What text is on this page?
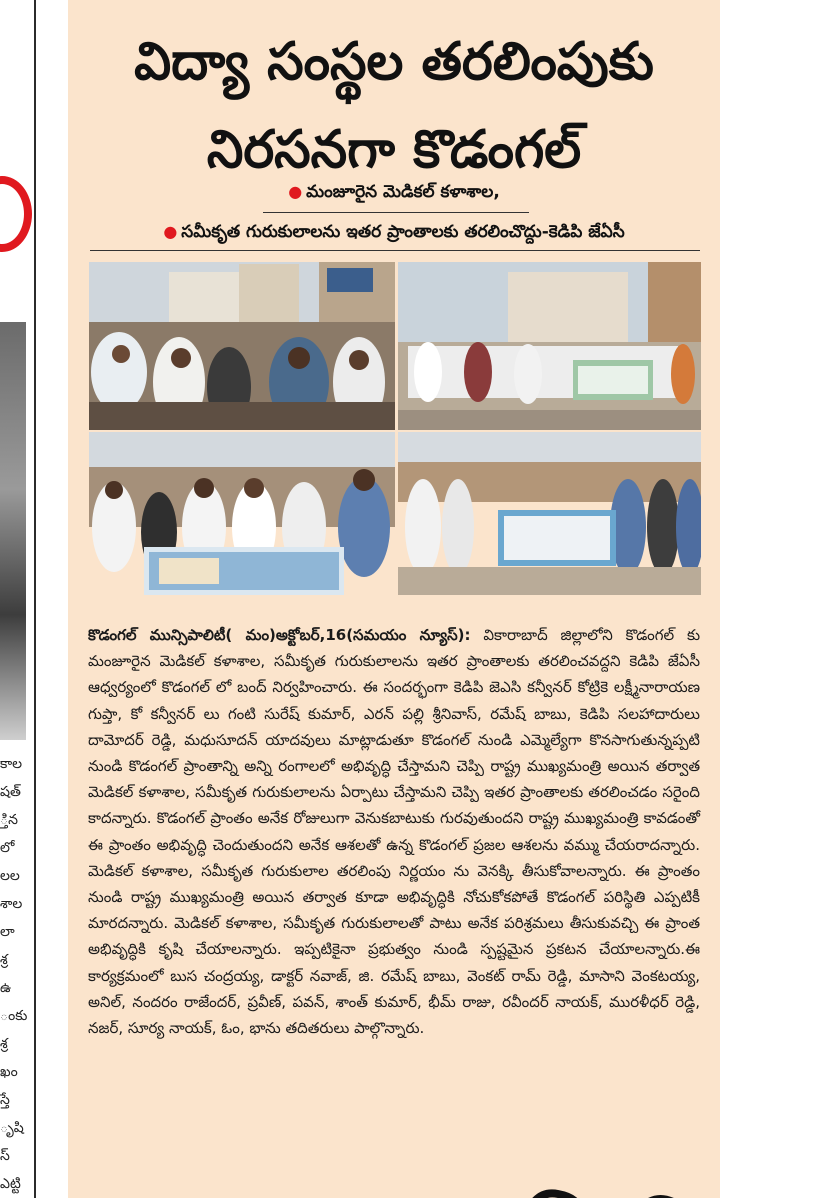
కాల
షత్
్తిన
లో
లల
శాల
లా
శ్ర
ఉ
ంకు
శ్ర
ఖం
స్తే
ృషి
స్
ఎట్టి
విద్యా సంస్థల తరలింపుకు
నిరసనగా కొడంగల్
● మంజూరైన మెడికల్ కళాశాల,
● సమీకృత గురుకులాలను ఇతర ప్రాంతాలకు తరలించొద్దు-కెడిపి జేఏసీ

కొడంగల్ మున్సిపాలిటీ( మం)అక్టోబర్,16(సమయం న్యూస్): వికారాబాద్ జిల్లాలోని కొడంగల్ కు మంజూరైన మెడికల్ కళాశాల, సమీకృత గురుకులాలను ఇతర ప్రాంతాలకు తరలించవద్దని కెడిపి జేఏసీ ఆధ్వర్యంలో కొడంగల్ లో బంద్ నిర్వహించారు. ఈ సందర్భంగా కెడిపి జెఎసి కన్వీనర్ కోట్రికె లక్ష్మీనారాయణ గుప్తా, కో కన్వీనర్ లు గంటి సురేష్ కుమార్, ఎరన్ పల్లి శ్రీనివాస్, రమేష్ బాబు, కెడిపి సలహాదారులు దామోదర్ రెడ్డి, మధుసూదన్ యాదవులు మాట్లాడుతూ కొడంగల్ నుండి ఎమ్మెల్యేగా కొనసాగుతున్నప్పటి నుండి కొడంగల్ ప్రాంతాన్ని అన్ని రంగాలలో అభివృద్ధి చేస్తామని చెప్పి రాష్ట్ర ముఖ్యమంత్రి అయిన తర్వాత మెడికల్ కళాశాల, సమీకృత గురుకులాలను ఏర్పాటు చేస్తామని చెప్పి ఇతర ప్రాంతాలకు తరలించడం సరైంది కాదన్నారు. కొడంగల్ ప్రాంతం అనేక రోజులుగా వెనుకబాటుకు గురవుతుందని రాష్ట్ర ముఖ్యమంత్రి కావడంతో ఈ ప్రాంతం అభివృద్ధి చెందుతుందని అనేక ఆశలతో ఉన్న కొడంగల్ ప్రజల ఆశలను వమ్ము చేయరాదన్నారు. మెడికల్ కళాశాల, సమీకృత గురుకులాల తరలింపు నిర్ణయం ను వెనక్కి తీసుకోవాలన్నారు. ఈ ప్రాంతం నుండి రాష్ట్ర ముఖ్యమంత్రి అయిన తర్వాత కూడా అభివృద్ధికి నోచుకోకపోతే కొడంగల్ పరిస్థితి ఎప్పటికీ మారదన్నారు. మెడికల్ కళాశాల, సమీకృత గురుకులాలతో పాటు అనేక పరిశ్రమలు తీసుకువచ్చి ఈ ప్రాంత అభివృద్ధికి కృషి చేయాలన్నారు. ఇప్పటికైనా ప్రభుత్వం నుండి స్పష్టమైన ప్రకటన చేయాలన్నారు.ఈ కార్యక్రమంలో బుస చంద్రయ్య, డాక్టర్ నవాజ్, జి. రమేష్ బాబు, వెంకట్ రామ్ రెడ్డి, మాసాని వెంకటయ్య, అనిల్, నందరం రాజేందర్, ప్రవీణ్, పవన్, శాంత్ కుమార్, భీమ్ రాజు, రవీందర్ నాయక్, మురళీధర్ రెడ్డి, నజర్, సూర్య నాయక్, ఓం, భాను తదితరులు పాల్గొన్నారు.
